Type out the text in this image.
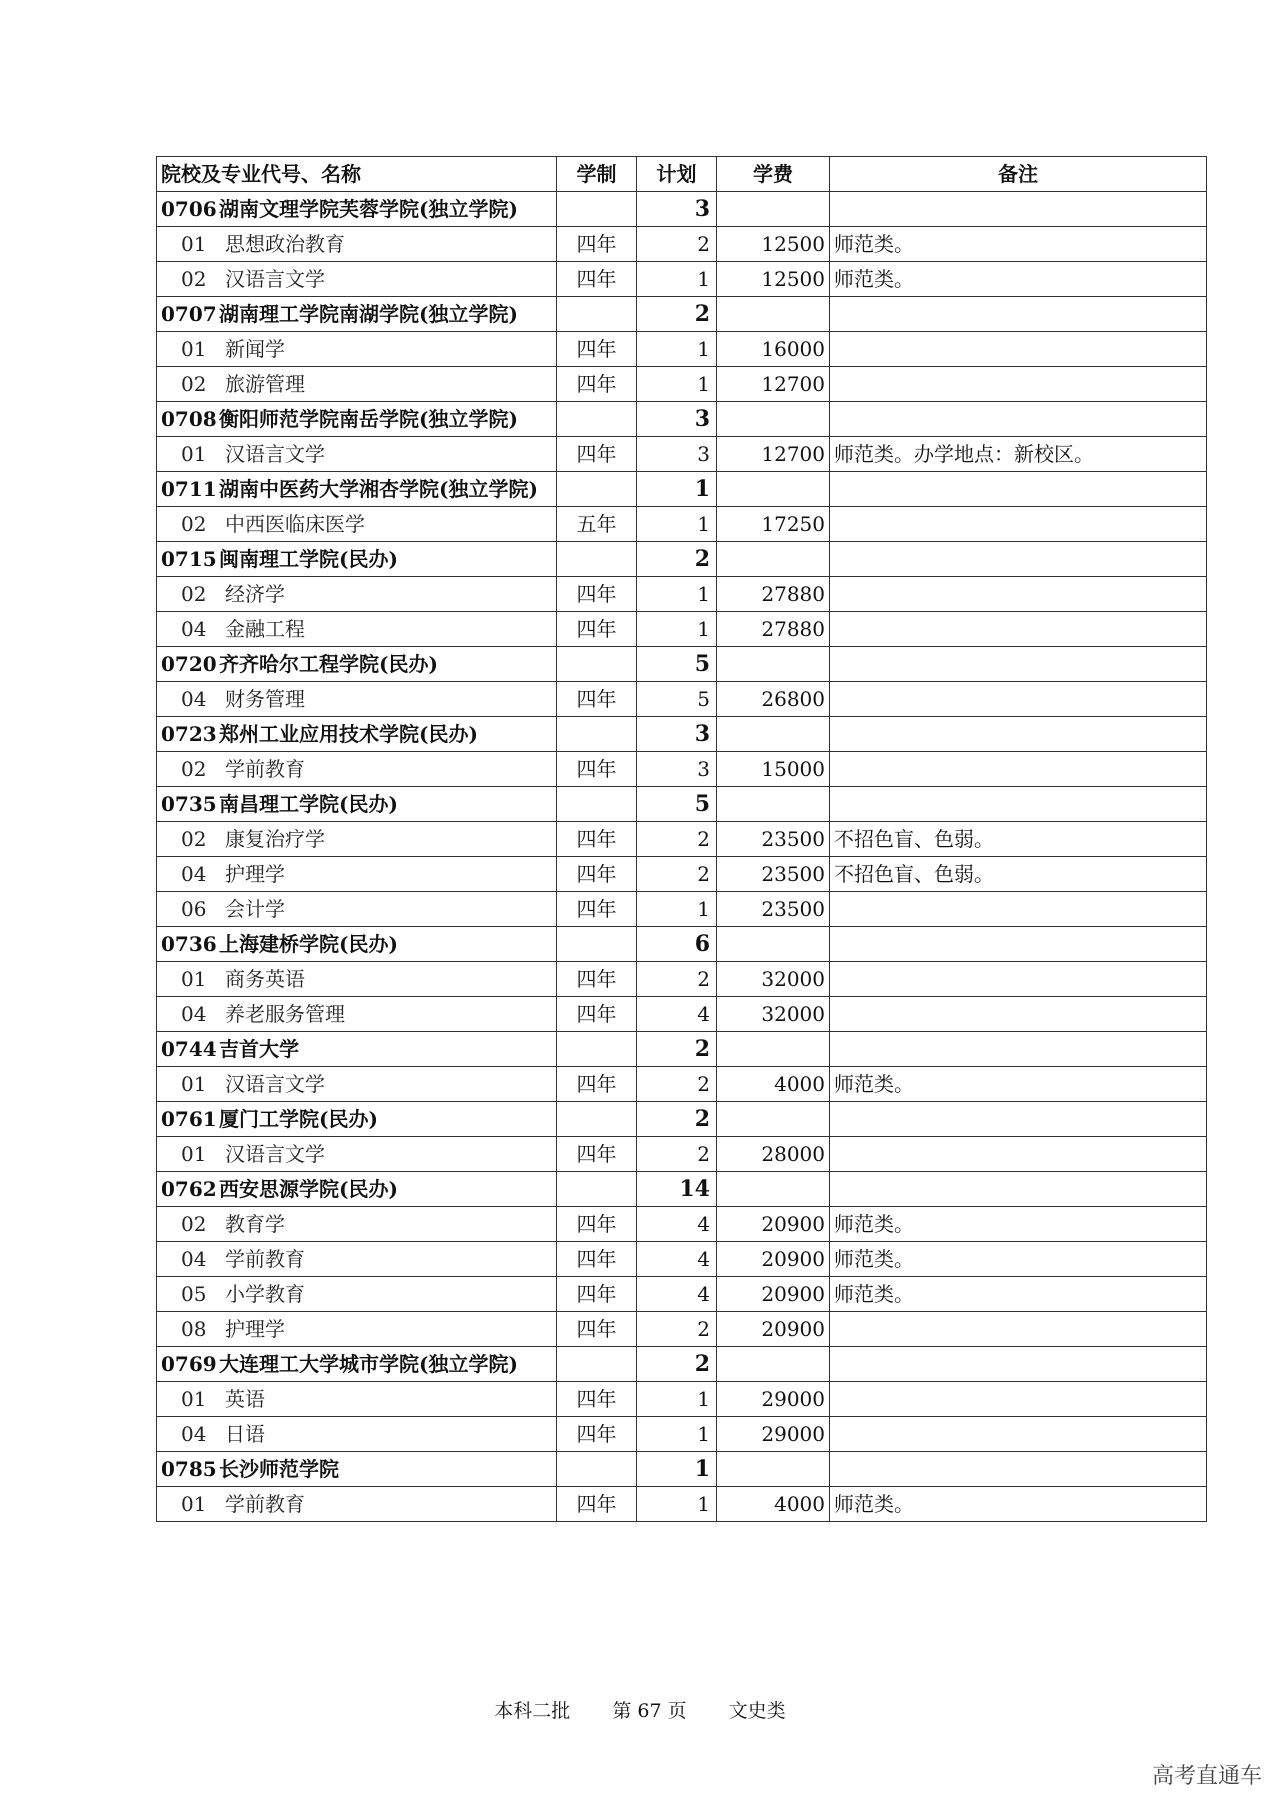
院校及专业代号、名称	学制	计划	学费	备注
0706 湖南文理学院芙蓉学院(独立学院)		3		
01 思想政治教育	四年	2	12500	师范类。
02 汉语言文学	四年	1	12500	师范类。
0707 湖南理工学院南湖学院(独立学院)		2		
01 新闻学	四年	1	16000	
02 旅游管理	四年	1	12700	
0708 衡阳师范学院南岳学院(独立学院)		3		
01 汉语言文学	四年	3	12700	师范类。办学地点：新校区。
0711 湖南中医药大学湘杏学院(独立学院)		1		
02 中西医临床医学	五年	1	17250	
0715 闽南理工学院(民办)		2		
02 经济学	四年	1	27880	
04 金融工程	四年	1	27880	
0720 齐齐哈尔工程学院(民办)		5		
04 财务管理	四年	5	26800	
0723 郑州工业应用技术学院(民办)		3		
02 学前教育	四年	3	15000	
0735 南昌理工学院(民办)		5		
02 康复治疗学	四年	2	23500	不招色盲、色弱。
04 护理学	四年	2	23500	不招色盲、色弱。
06 会计学	四年	1	23500	
0736 上海建桥学院(民办)		6		
01 商务英语	四年	2	32000	
04 养老服务管理	四年	4	32000	
0744 吉首大学		2		
01 汉语言文学	四年	2	4000	师范类。
0761 厦门工学院(民办)		2		
01 汉语言文学	四年	2	28000	
0762 西安思源学院(民办)		14		
02 教育学	四年	4	20900	师范类。
04 学前教育	四年	4	20900	师范类。
05 小学教育	四年	4	20900	师范类。
08 护理学	四年	2	20900	
0769 大连理工大学城市学院(独立学院)		2		
01 英语	四年	1	29000	
04 日语	四年	1	29000	
0785 长沙师范学院		1		
01 学前教育	四年	1	4000	师范类。
本科二批 第 67 页 文史类
高考直通车
